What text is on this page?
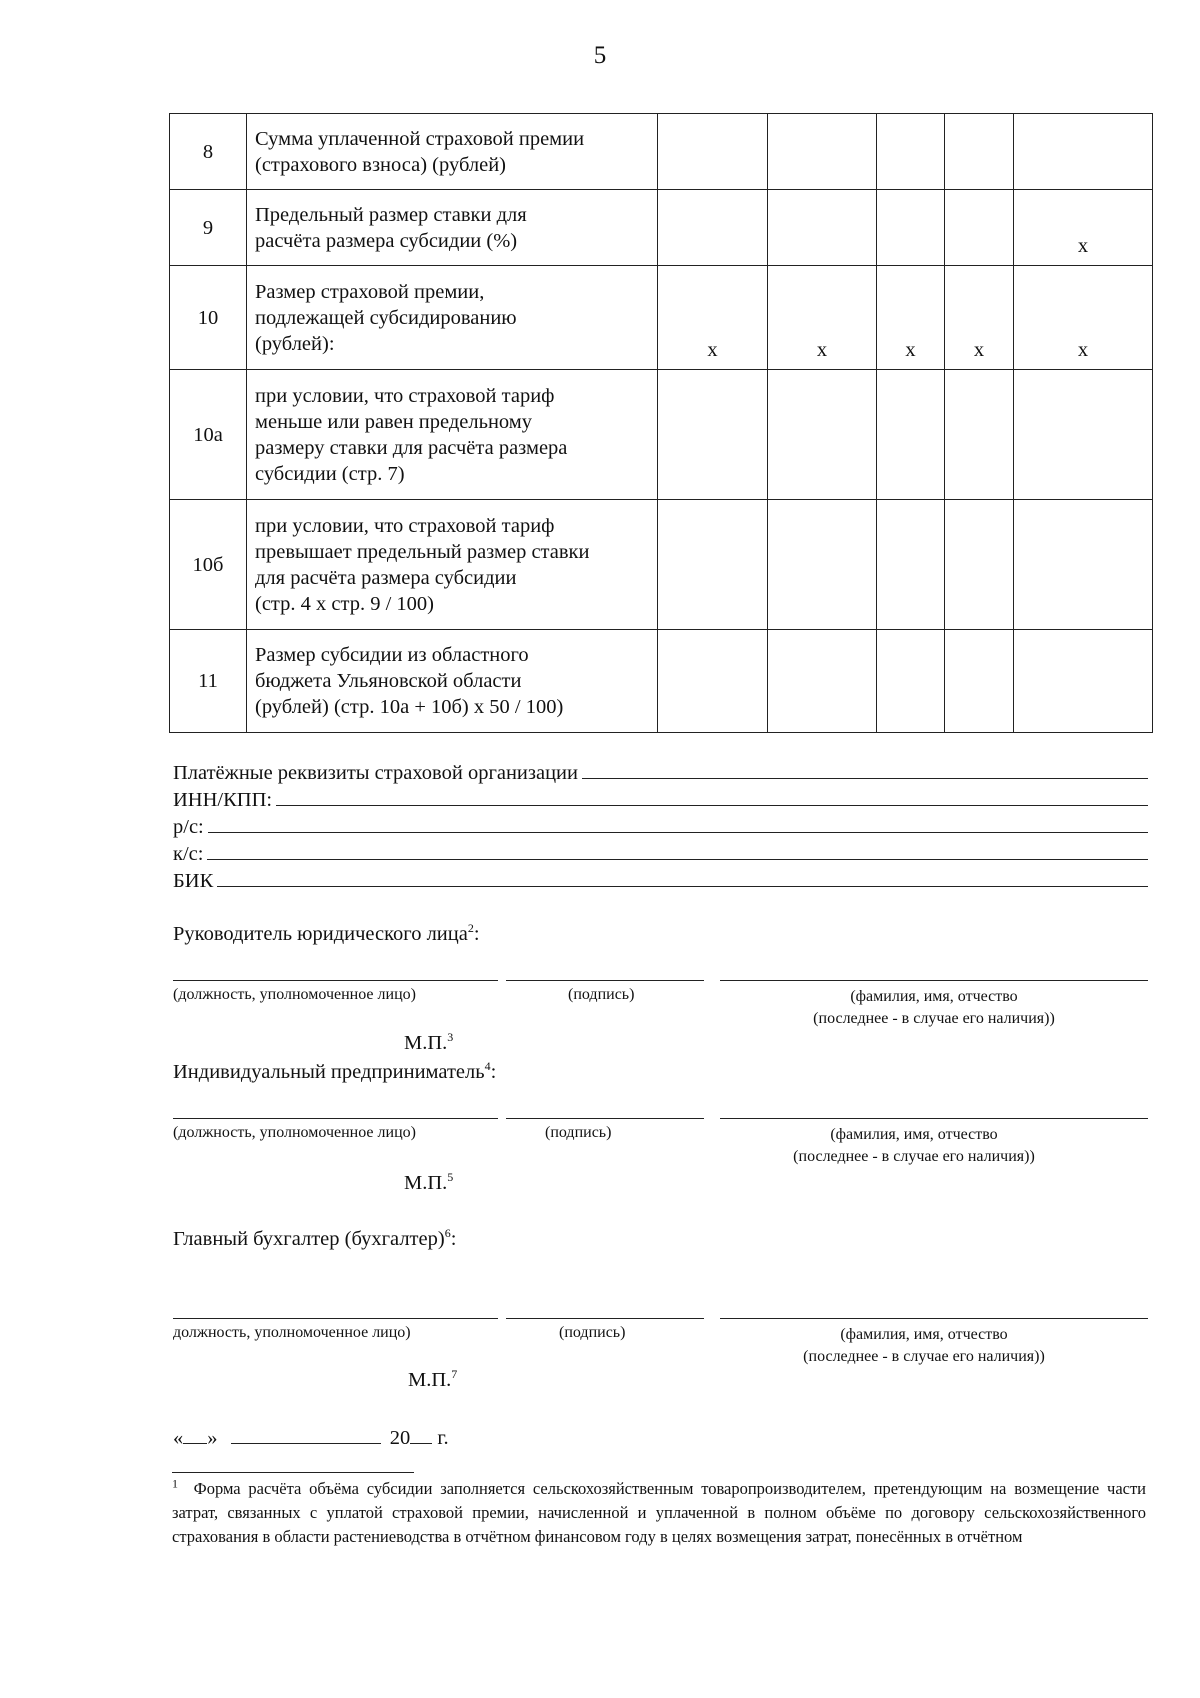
5
8	Сумма уплаченной страховой премии
(страхового взноса) (рублей)					

9	Предельный размер ставки для
расчёта размера субсидии (%)					х
10	Размер страховой премии,
подлежащей субсидированию
(рублей):	х	х	х	х	х
10а	при условии, что страховой тариф
меньше или равен предельному
размеру ставки для расчёта размера
субсидии (стр. 7)					

10б	при условии, что страховой тариф
превышает предельный размер ставки
для расчёта размера субсидии
(стр. 4 х стр. 9 / 100)					

11	Размер субсидии из областного
бюджета Ульяновской области
(рублей) (стр. 10а + 10б) х 50 / 100)					

Платёжные реквизиты страховой организации
ИНН/КПП:
р/с:
к/с:
БИК
Руководитель юридического лица$^2$:
(должность, уполномоченное лицо)	(подпись)	(фамилия, имя, отчество
(последнее - в случае его наличия))
М.П.$^3$
Индивидуальный предприниматель$^4$:
(должность, уполномоченное лицо)	(подпись)	(фамилия, имя, отчество
(последнее - в случае его наличия))
М.П.$^5$
Главный бухгалтер (бухгалтер)$^6$:
должность, уполномоченное лицо)	(подпись)	(фамилия, имя, отчество
(последнее - в случае его наличия))
М.П.$^7$
« »	20 г.
$^1$ Форма расчёта объёма субсидии заполняется сельскохозяйственным товаропроизводителем, претендующим на возмещение части затрат, связанных с уплатой страховой премии, начисленной и уплаченной в полном объёме по договору сельскохозяйственного страхования в области растениеводства в отчётном финансовом году в целях возмещения затрат, понесённых в отчётном
